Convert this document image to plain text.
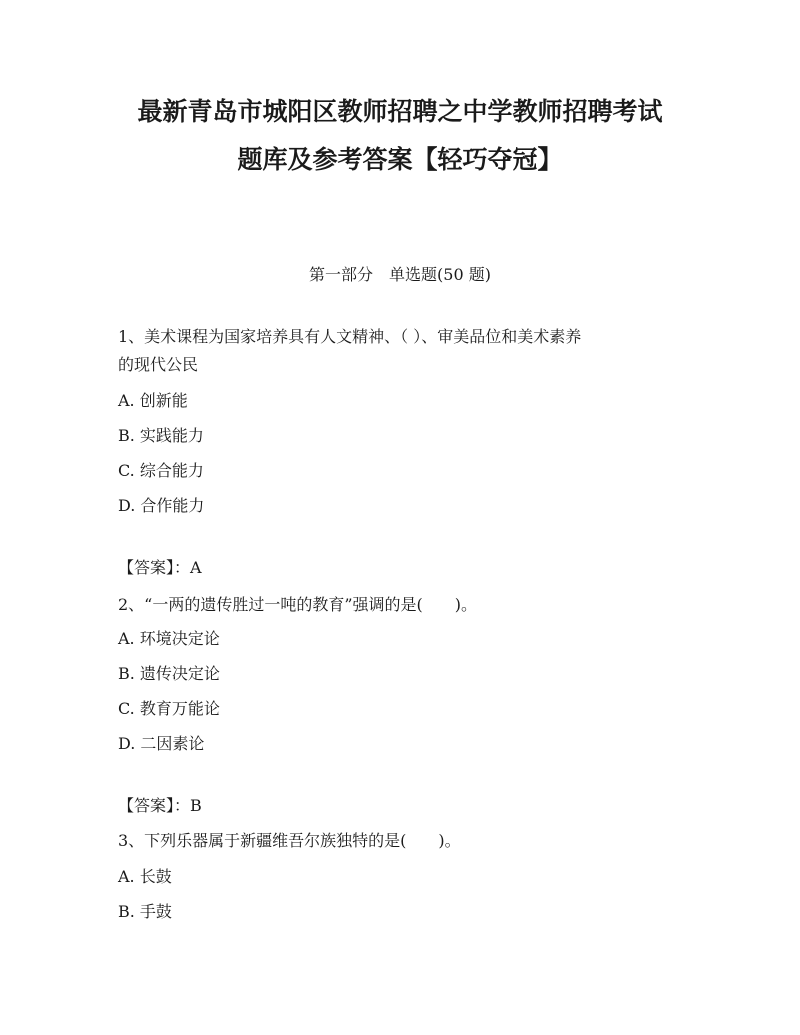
最新青岛市城阳区教师招聘之中学教师招聘考试
题库及参考答案【轻巧夺冠】
第一部分　单选题(50 题)
1、美术课程为国家培养具有人文精神、（ ）、审美品位和美术素养
的现代公民
A. 创新能
B. 实践能力
C. 综合能力
D. 合作能力
【答案】：A
2、“一两的遗传胜过一吨的教育”强调的是(　　)。
A. 环境决定论
B. 遗传决定论
C. 教育万能论
D. 二因素论
【答案】：B
3、下列乐器属于新疆维吾尔族独特的是(　　)。
A. 长鼓
B. 手鼓
